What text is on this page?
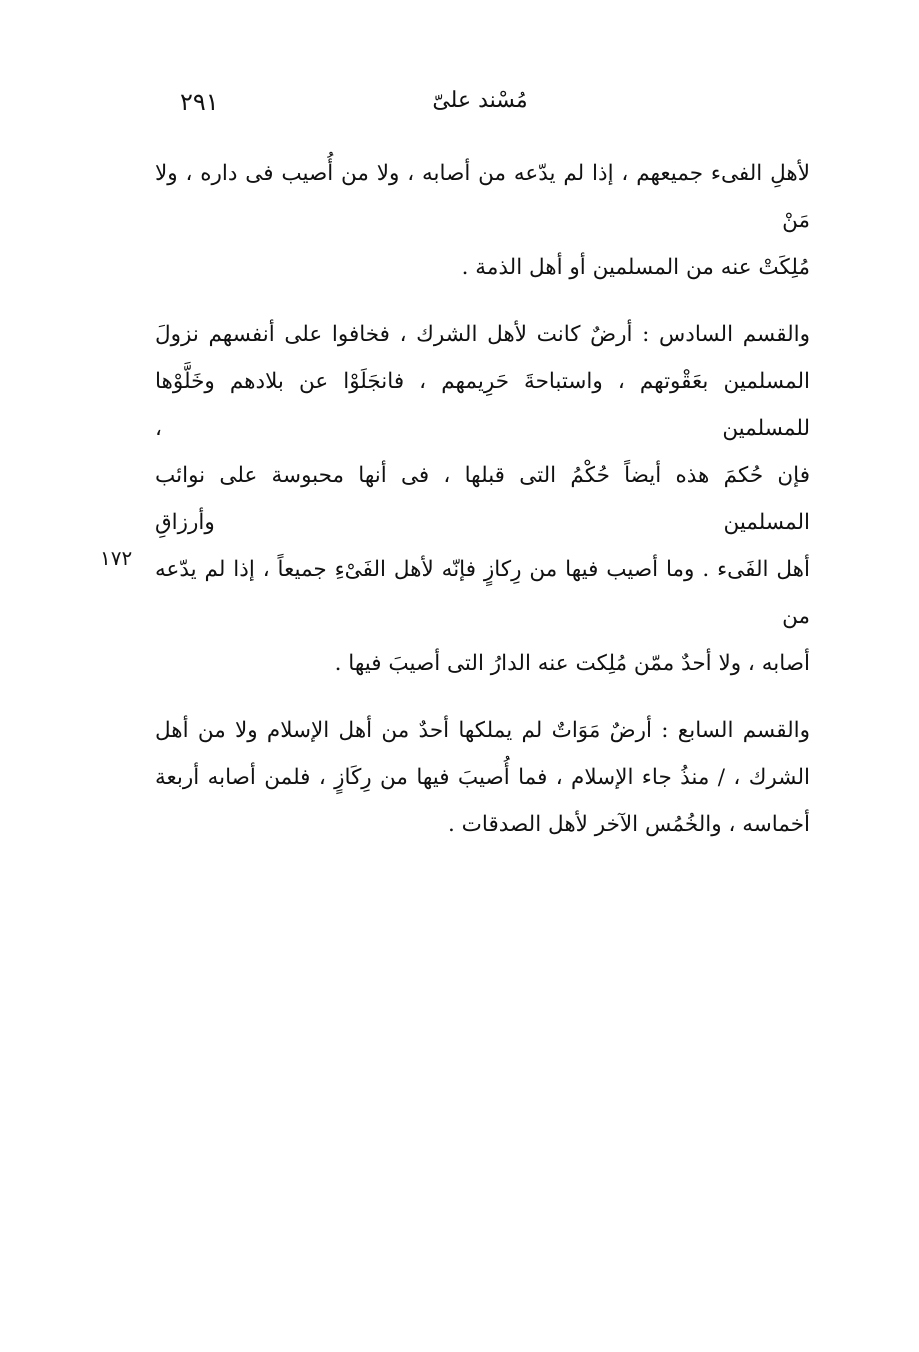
٢٩١	مُسْند علىّ

لأهلِ الفىء جميعهم ، إذا لم يدّعه من أصابه ، ولا من أُصيب فى داره ، ولا مَنْ
مُلِكَتْ عنه من المسلمين أو أهل الذمة .

والقسم السادس : أرضٌ كانت لأهل الشرك ، فخافوا على أنفسهم نزولَ
المسلمين بعَقْوتهم ، واستباحةَ حَرِيمهم ، فانجَلَوْا عن بلادهم وخَلَّوْها للمسلمين ،
فإن حُكمَ هذه أيضاً حُكْمُ التى قبلها ، فى أنها محبوسة على نوائب المسلمين وأرزاقِ
أهل الفَىء . وما أصيب فيها من رِكازٍ فإنّه لأهل الفَىْءِ جميعاً ، إذا لم يدّعه من
أصابه ، ولا أحدٌ ممّن مُلِكت عنه الدارُ التى أصيبَ فيها .

والقسم السابع : أرضٌ مَوَاتٌ لم يملكها أحدٌ من أهل الإسلام ولا من أهل
الشرك ، / منذُ جاء الإسلام ، فما أُصيبَ فيها من رِكَازٍ ، فلمن أصابه أربعة
أخماسه ، والخُمُس الآخر لأهل الصدقات .

١٧٢
